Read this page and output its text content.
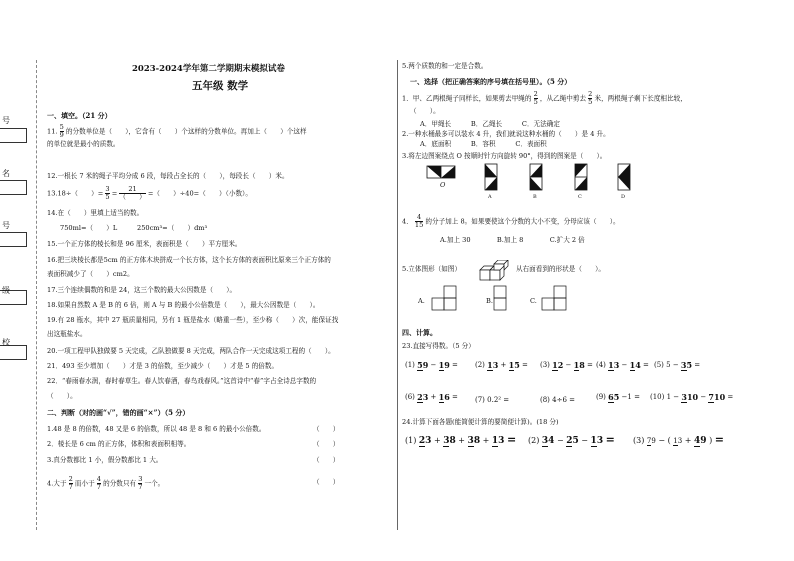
号
名
号
级
校
2023-2024学年第二学期期末模拟试卷
五年级 数学
一、填空。（21 分）
11. $\frac{5}{9}$ 的分数单位是（　　），它含有（　　）个这样的分数单位。再加上（　　）个这样
的单位就是最小的质数。
12.一根长 7 米的绳子平均分成 6 段，每段占全长的（　　），每段长（　　）米。
13.18÷（　　）= $\frac{3}{5} = \frac{21}{( )}$ =（　　）÷40=（　　）（小数）。
14.在（　　）里填上适当的数。
750ml=（　　）L　　　250cm³=（　　）dm³
15.一个正方体的棱长和是 96 厘米，表面积是（　　）平方厘米。
16.把三块棱长都是5cm 的正方体木块拼成一个长方体，这个长方体的表面积比原来三个正方体的
表面积减少了（　　）cm2。
17.三个连续偶数的和是 24，这三个数的最大公因数是（　　）。
18.如果自然数 A 是 B 的 6 倍，则 A 与 B 的最小公倍数是（　　），最大公因数是（　　）。
19.有 28 瓶水，其中 27 瓶质量相同，另有 1 瓶是盐水（略重一些），至少称（　　）次，能保证找
出这瓶盐水。
20.一项工程甲队独做要 5 天完成，乙队独做要 8 天完成，两队合作一天完成这项工程的（　　）。
21．493 至少增加（　　）才是 3 的倍数，至少减少（　　）才是 5 的倍数。
22．“春雨春水润，春时春草生。春人饮春酒，春鸟戏春风。”这首诗中“春”字占全诗总字数的
（　　）。
二、判断（对的画“√”，错的画“×”）（5 分）
1.48 是 8 的倍数，48 又是 6 的倍数，所以 48 是 8 和 6 的最小公倍数。	（　　）
2．棱长是 6 cm 的正方体，体积和表面积相等。	（　　）
3.真分数都比 1 小，假分数都比 1 大。	（　　）
4.大于 $\frac{2}{7}$ 而小于 $\frac{4}{7}$ 的分数只有 $\frac{3}{7}$ 一个。	（　　）
5.两个质数的和一定是合数。
一、选择（把正确答案的序号填在括号里）。（5 分）
1．甲、乙两根绳子同样长，如果剪去甲绳的 $\frac{2}{5}$ ，从乙绳中剪去 $\frac{2}{5}$ 米，两根绳子剩下长度相比较，
（　　）。
A．甲绳长　　　B．乙绳长　　　C．无法确定
2.一种水桶最多可以装水 4 升，我们就说这种水桶的（　　）是 4 升。
A．底面积　　　B．容积　　　C．表面积
3.将左边图案绕点 O 按顺时针方向旋转 90°，得到的图案是（　　）。
O
A	B	C	D
4． $\frac{4}{15}$ 的分子加上 8。如果要使这个分数的大小不变，分母应该（　　）。
A.加上 30　　　　B.加上 8　　　　C.扩大 2 倍
5.立体图形（如图）	从右面看到的形状是（　　）。
A.	B.	C.
四、计算。
23.直接写得数。（5 分）
(1) 59 − 19 = (2) 13 + 15 = (3) 12 − 18 = (4) 13 − 14 = (5) 5 − 35 =
(6) 23 + 16 = (7) 0.2² =	(8) 4÷6 =	(9) 65 −1 = (10) 1 − 310 − 710 =
24.计算下面各题(能简便计算的要简便计算)。(18 分)
(1) 23 + 38 + 38 + 13 = (2) 34 − 25 − 13 = (3) 79 − ( 13 + 49 ) =
